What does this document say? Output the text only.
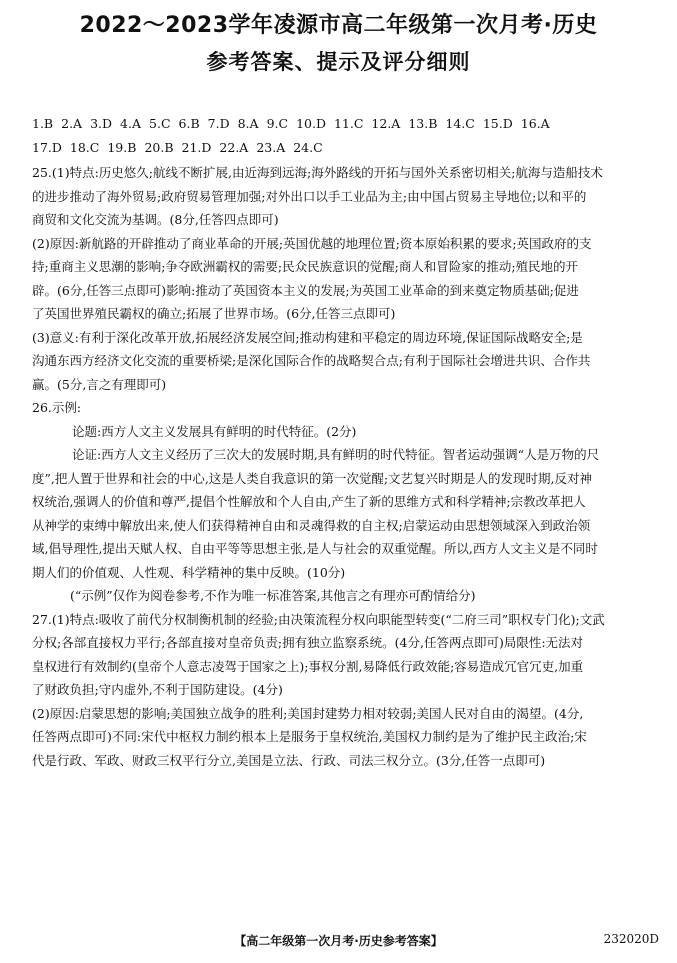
2022～2023学年凌源市高二年级第一次月考·历史
参考答案、提示及评分细则

1.B 2.A 3.D 4.A 5.C 6.B 7.D 8.A 9.C 10.D 11.C 12.A 13.B 14.C 15.D 16.A

17.D 18.C 19.B 20.B 21.D 22.A 23.A 24.C

25.(1)特点:历史悠久;航线不断扩展,由近海到远海;海外路线的开拓与国外关系密切相关;航海与造船技术

的进步推动了海外贸易;政府贸易管理加强;对外出口以手工业品为主;由中国占贸易主导地位;以和平的

商贸和文化交流为基调。(8分,任答四点即可)

(2)原因:新航路的开辟推动了商业革命的开展;英国优越的地理位置;资本原始积累的要求;英国政府的支

持;重商主义思潮的影响;争夺欧洲霸权的需要;民众民族意识的觉醒;商人和冒险家的推动;殖民地的开

辟。(6分,任答三点即可)影响:推动了英国资本主义的发展;为英国工业革命的到来奠定物质基础;促进

了英国世界殖民霸权的确立;拓展了世界市场。(6分,任答三点即可)

(3)意义:有利于深化改革开放,拓展经济发展空间;推动构建和平稳定的周边环境,保证国际战略安全;是

沟通东西方经济文化交流的重要桥梁;是深化国际合作的战略契合点;有利于国际社会增进共识、合作共

赢。(5分,言之有理即可)

26.示例:

论题:西方人文主义发展具有鲜明的时代特征。(2分)

论证:西方人文主义经历了三次大的发展时期,具有鲜明的时代特征。智者运动强调“人是万物的尺

度”,把人置于世界和社会的中心,这是人类自我意识的第一次觉醒;文艺复兴时期是人的发现时期,反对神

权统治,强调人的价值和尊严,提倡个性解放和个人自由,产生了新的思维方式和科学精神;宗教改革把人

从神学的束缚中解放出来,使人们获得精神自由和灵魂得救的自主权;启蒙运动由思想领域深入到政治领

域,倡导理性,提出天赋人权、自由平等等思想主张,是人与社会的双重觉醒。所以,西方人文主义是不同时

期人们的价值观、人性观、科学精神的集中反映。(10分)

(“示例”仅作为阅卷参考,不作为唯一标准答案,其他言之有理亦可酌情给分)

27.(1)特点:吸收了前代分权制衡机制的经验;由决策流程分权向职能型转变(“二府三司”职权专门化);文武

分权;各部直接权力平行;各部直接对皇帝负责;拥有独立监察系统。(4分,任答两点即可)局限性:无法对

皇权进行有效制约(皇帝个人意志凌驾于国家之上);事权分割,易降低行政效能;容易造成冗官冗吏,加重

了财政负担;守内虚外,不利于国防建设。(4分)

(2)原因:启蒙思想的影响;美国独立战争的胜利;美国封建势力相对较弱;美国人民对自由的渴望。(4分,

任答两点即可)不同:宋代中枢权力制约根本上是服务于皇权统治,美国权力制约是为了维护民主政治;宋

代是行政、军政、财政三权平行分立,美国是立法、行政、司法三权分立。(3分,任答一点即可)

【高二年级第一次月考·历史参考答案】	232020D
